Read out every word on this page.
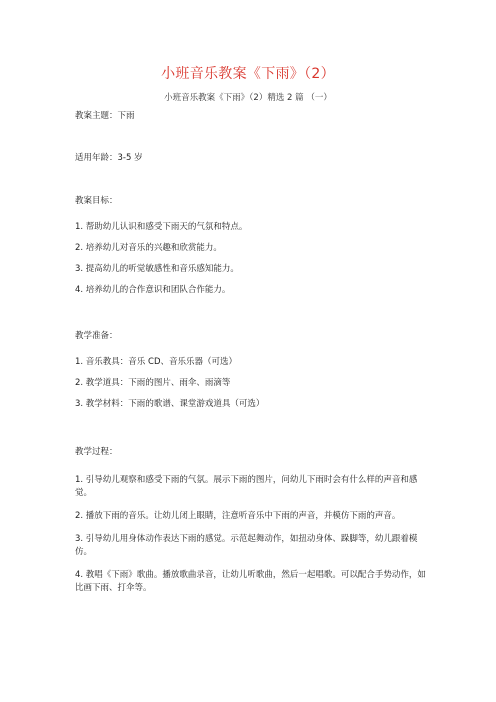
小班音乐教案《下雨》（2）
小班音乐教案《下雨》（2）精选 2 篇 （一）
教案主题：下雨
适用年龄：3-5 岁
教案目标：
1. 帮助幼儿认识和感受下雨天的气氛和特点。
2. 培养幼儿对音乐的兴趣和欣赏能力。
3. 提高幼儿的听觉敏感性和音乐感知能力。
4. 培养幼儿的合作意识和团队合作能力。
教学准备：
1. 音乐教具：音乐 CD、音乐乐器（可选）
2. 教学道具：下雨的图片、雨伞、雨滴等
3. 教学材料：下雨的歌谱、课堂游戏道具（可选）
教学过程：
1. 引导幼儿观察和感受下雨的气氛。展示下雨的图片，问幼儿下雨时会有什么样的声音和感觉。
2. 播放下雨的音乐。让幼儿闭上眼睛，注意听音乐中下雨的声音，并模仿下雨的声音。
3. 引导幼儿用身体动作表达下雨的感觉。示范起舞动作，如扭动身体、跺脚等，幼儿跟着模仿。
4. 教唱《下雨》歌曲。播放歌曲录音，让幼儿听歌曲，然后一起唱歌。可以配合手势动作，如比画下雨、打伞等。
